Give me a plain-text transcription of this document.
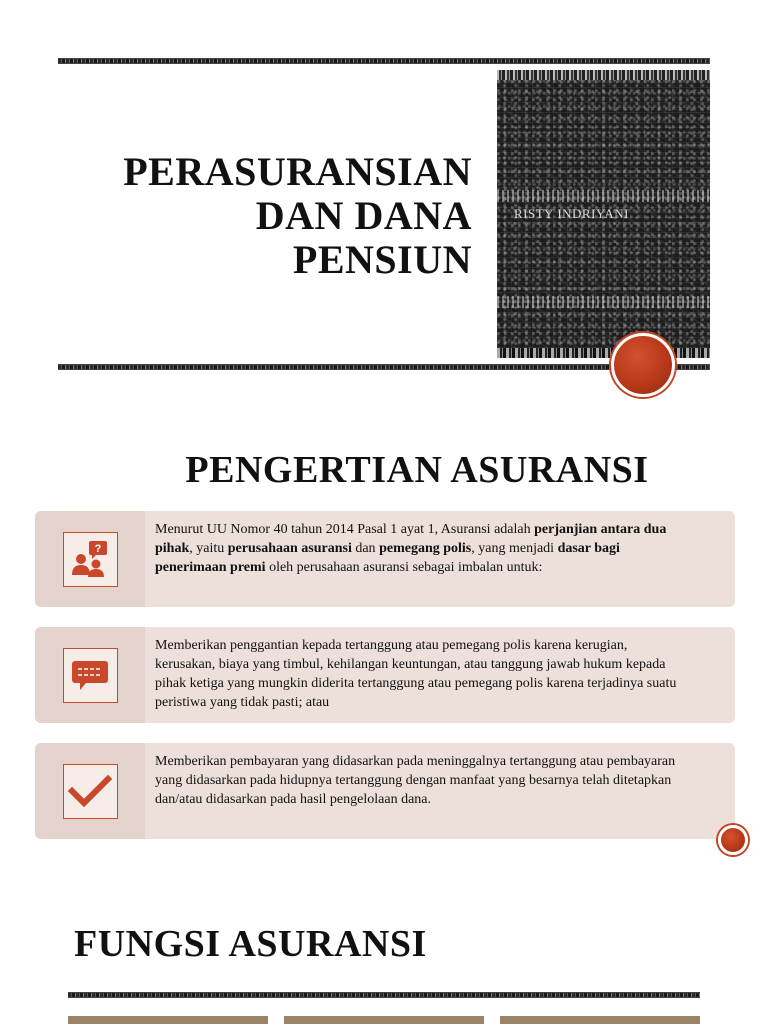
PERASURANSIAN
DAN DANA
PENSIUN
RISTY INDRIYANI
PENGERTIAN ASURANSI
?
Menurut UU Nomor 40 tahun 2014 Pasal 1 ayat 1, Asuransi adalah perjanjian antara dua pihak, yaitu perusahaan asuransi dan pemegang polis, yang menjadi dasar bagi penerimaan premi oleh perusahaan asuransi sebagai imbalan untuk:
Memberikan penggantian kepada tertanggung atau pemegang polis karena kerugian, kerusakan, biaya yang timbul, kehilangan keuntungan, atau tanggung jawab hukum kepada pihak ketiga yang mungkin diderita tertanggung atau pemegang polis karena terjadinya suatu peristiwa yang tidak pasti; atau
Memberikan pembayaran yang didasarkan pada meninggalnya tertanggung atau pembayaran yang didasarkan pada hidupnya tertanggung dengan manfaat yang besarnya telah ditetapkan dan/atau didasarkan pada hasil pengelolaan dana.
FUNGSI ASURANSI
